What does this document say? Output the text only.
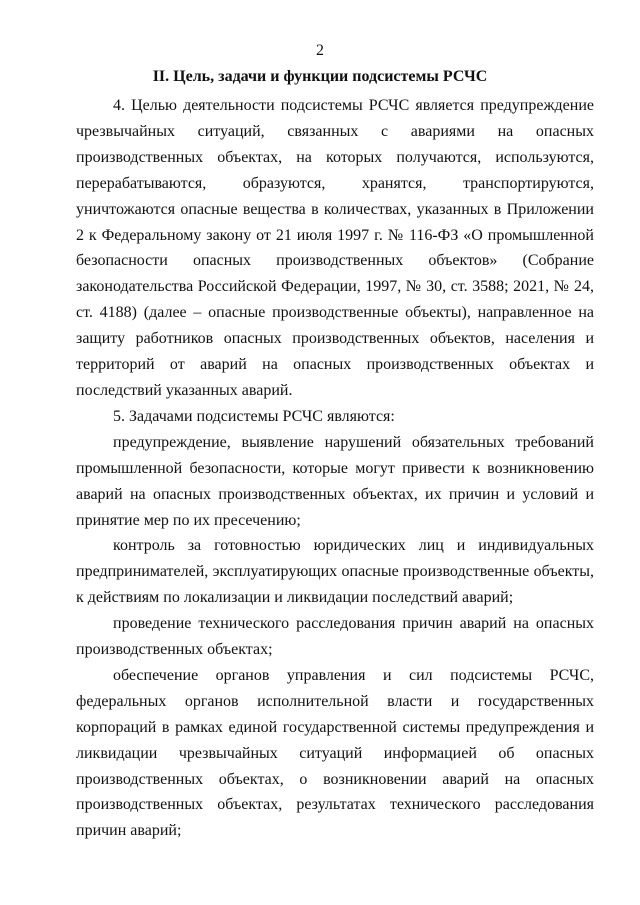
2
II. Цель, задачи и функции подсистемы РСЧС

4. Целью деятельности подсистемы РСЧС является предупреждение чрезвычайных ситуаций, связанных с авариями на опасных производственных объектах, на которых получаются, используются, перерабатываются, образуются, хранятся, транспортируются, уничтожаются опасные вещества в количествах, указанных в Приложении 2 к Федеральному закону от 21 июля 1997 г. № 116-ФЗ «О промышленной безопасности опасных производственных объектов» (Собрание законодательства Российской Федерации, 1997, № 30, ст. 3588; 2021, № 24, ст. 4188) (далее – опасные производственные объекты), направленное на защиту работников опасных производственных объектов, населения и территорий от аварий на опасных производственных объектах и последствий указанных аварий.

5. Задачами подсистемы РСЧС являются:

предупреждение, выявление нарушений обязательных требований промышленной безопасности, которые могут привести к возникновению аварий на опасных производственных объектах, их причин и условий и принятие мер по их пресечению;

контроль за готовностью юридических лиц и индивидуальных предпринимателей, эксплуатирующих опасные производственные объекты, к действиям по локализации и ликвидации последствий аварий;

проведение технического расследования причин аварий на опасных производственных объектах;

обеспечение органов управления и сил подсистемы РСЧС, федеральных органов исполнительной власти и государственных корпораций в рамках единой государственной системы предупреждения и ликвидации чрезвычайных ситуаций информацией об опасных производственных объектах, о возникновении аварий на опасных производственных объектах, результатах технического расследования причин аварий;
